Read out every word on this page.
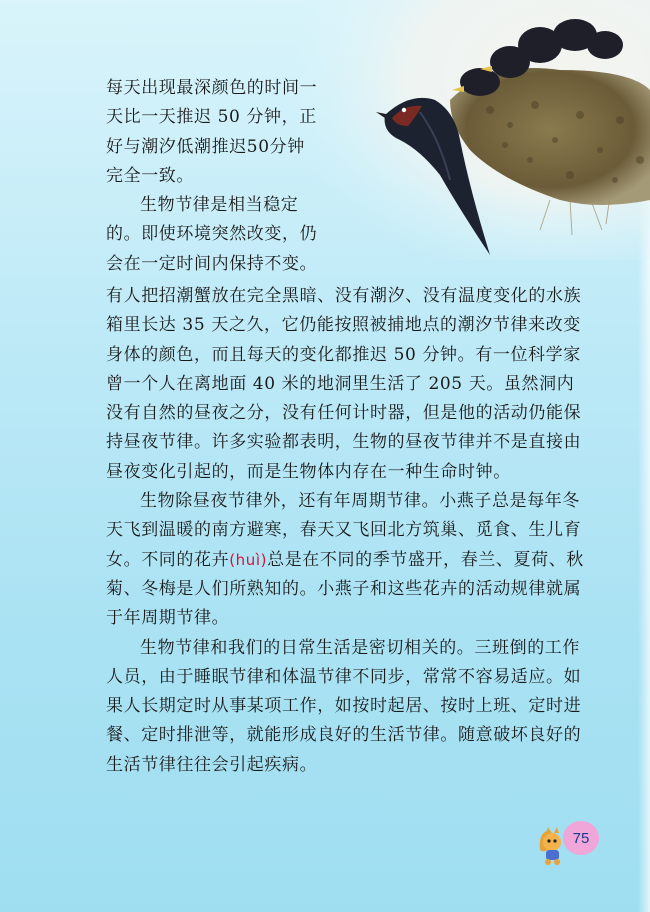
每天出现最深颜色的时间一天比一天推迟 50 分钟，正好与潮汐低潮推迟50分钟完全一致。

生物节律是相当稳定的。即使环境突然改变，仍会在一定时间内保持不变。

有人把招潮蟹放在完全黑暗、没有潮汐、没有温度变化的水族箱里长达 35 天之久，它仍能按照被捕地点的潮汐节律来改变身体的颜色，而且每天的变化都推迟 50 分钟。有一位科学家曾一个人在离地面 40 米的地洞里生活了 205 天。虽然洞内没有自然的昼夜之分，没有任何计时器，但是他的活动仍能保持昼夜节律。许多实验都表明，生物的昼夜节律并不是直接由昼夜变化引起的，而是生物体内存在一种生命时钟。

生物除昼夜节律外，还有年周期节律。小燕子总是每年冬天飞到温暖的南方避寒，春天又飞回北方筑巢、觅食、生儿育女。不同的花卉(huì)总是在不同的季节盛开，春兰、夏荷、秋菊、冬梅是人们所熟知的。小燕子和这些花卉的活动规律就属于年周期节律。

生物节律和我们的日常生活是密切相关的。三班倒的工作人员，由于睡眠节律和体温节律不同步，常常不容易适应。如果人长期定时从事某项工作，如按时起居、按时上班、定时进餐、定时排泄等，就能形成良好的生活节律。随意破坏良好的生活节律往往会引起疾病。

75
